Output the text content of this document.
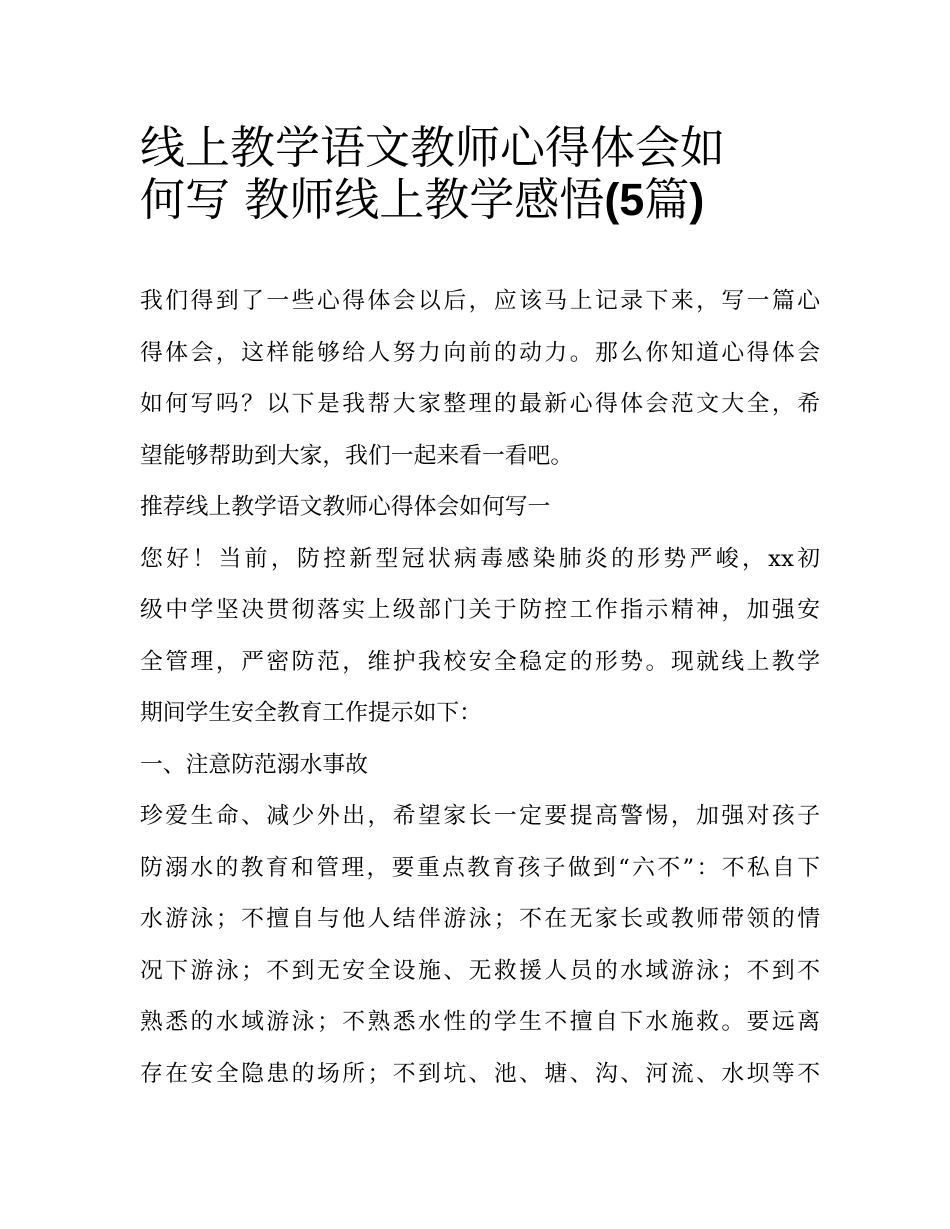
线上教学语文教师心得体会如
何写 教师线上教学感悟(5篇)
我们得到了一些心得体会以后，应该马上记录下来，写一篇心
得体会，这样能够给人努力向前的动力。那么你知道心得体会
如何写吗？以下是我帮大家整理的最新心得体会范文大全，希
望能够帮助到大家，我们一起来看一看吧。
推荐线上教学语文教师心得体会如何写一
您好！当前，防控新型冠状病毒感染肺炎的形势严峻，xx初
级中学坚决贯彻落实上级部门关于防控工作指示精神，加强安
全管理，严密防范，维护我校安全稳定的形势。现就线上教学
期间学生安全教育工作提示如下：
一、注意防范溺水事故
珍爱生命、减少外出，希望家长一定要提高警惕，加强对孩子
防溺水的教育和管理，要重点教育孩子做到“六不”：不私自下
水游泳；不擅自与他人结伴游泳；不在无家长或教师带领的情
况下游泳；不到无安全设施、无救援人员的水域游泳；不到不
熟悉的水域游泳；不熟悉水性的学生不擅自下水施救。要远离
存在安全隐患的场所；不到坑、池、塘、沟、河流、水坝等不
